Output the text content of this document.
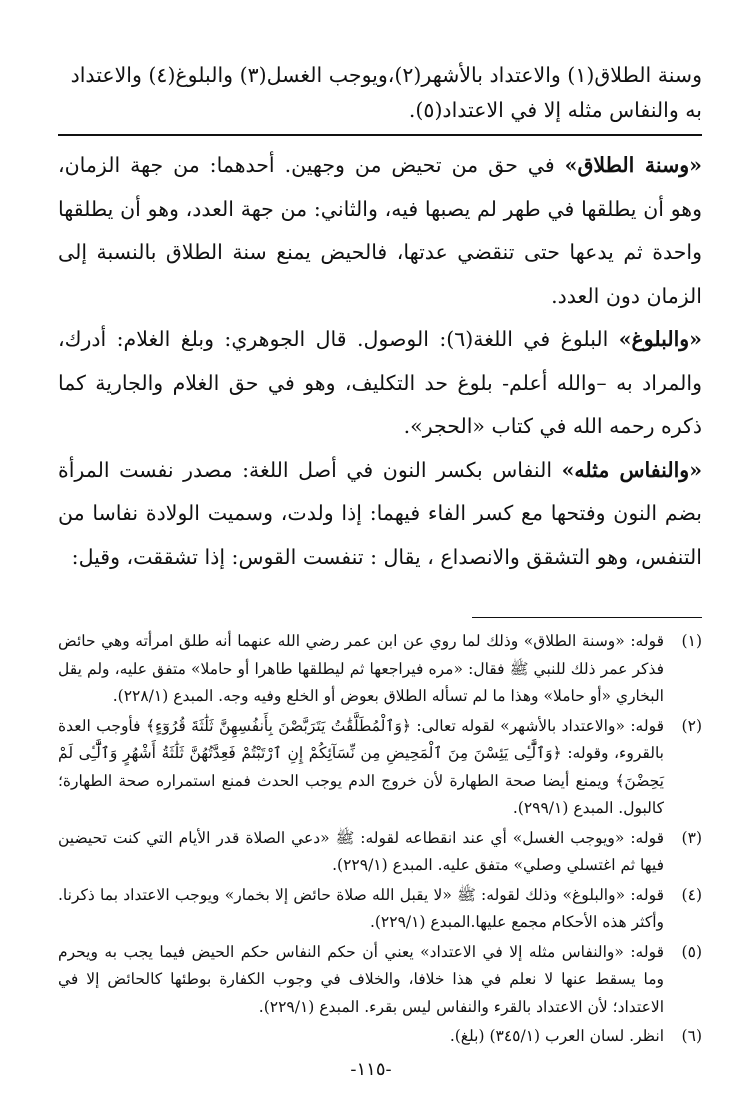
وسنة الطلاق(١) والاعتداد بالأشهر(٢)،ويوجب الغسل(٣) والبلوغ(٤) والاعتداد
به والنفاس مثله إلا في الاعتداد(٥).

«وسنة الطلاق» في حق من تحيض من وجهين. أحدهما: من جهة الزمان، وهو أن يطلقها في طهر لم يصبها فيه، والثاني: من جهة العدد، وهو أن يطلقها واحدة ثم يدعها حتى تنقضي عدتها، فالحيض يمنع سنة الطلاق بالنسبة إلى الزمان دون العدد.

«والبلوغ» البلوغ في اللغة(٦): الوصول. قال الجوهري: وبلغ الغلام: أدرك، والمراد به –والله أعلم- بلوغ حد التكليف، وهو في حق الغلام والجارية كما ذكره رحمه الله في كتاب «الحجر».

«والنفاس مثله» النفاس بكسر النون في أصل اللغة: مصدر نفست المرأة بضم النون وفتحها مع كسر الفاء فيهما: إذا ولدت، وسميت الولادة نفاسا من التنفس، وهو التشقق والانصداع ، يقال : تنفست القوس: إذا تشققت، وقيل:

(١)
قوله: «وسنة الطلاق» وذلك لما روي عن ابن عمر رضي الله عنهما أنه طلق امرأته وهي حائض فذكر عمر ذلك للنبي ﷺ فقال: «مره فيراجعها ثم ليطلقها طاهرا أو حاملا» متفق عليه، ولم يقل البخاري «أو حاملا» وهذا ما لم تسأله الطلاق بعوض أو الخلع وفيه وجه. المبدع (٢٢٨/١).
(٢)
قوله: «والاعتداد بالأشهر» لقوله تعالى: ﴿وَٱلْمُطَلَّقَٰتُ يَتَرَبَّصْنَ بِأَنفُسِهِنَّ ثَلَٰثَةَ قُرُوٓءٍ﴾ فأوجب العدة بالقروء، وقوله: ﴿وَٱلَّٰٓـِٔى يَئِسْنَ مِنَ ٱلْمَحِيضِ مِن نِّسَآئِكُمْ إِنِ ٱرْتَبْتُمْ فَعِدَّتُهُنَّ ثَلَٰثَةُ أَشْهُرٍ وَٱلَّٰٓـِٔى لَمْ يَحِضْنَ﴾ ويمنع أيضا صحة الطهارة لأن خروج الدم يوجب الحدث فمنع استمراره صحة الطهارة؛ كالبول. المبدع (٢٩٩/١).
(٣)
قوله: «ويوجب الغسل» أي عند انقطاعه لقوله: ﷺ «دعي الصلاة قدر الأيام التي كنت تحيضين فيها ثم اغتسلي وصلي» متفق عليه. المبدع (٢٢٩/١).
(٤)
قوله: «والبلوغ» وذلك لقوله: ﷺ «لا يقبل الله صلاة حائض إلا بخمار» ويوجب الاعتداد بما ذكرنا. وأكثر هذه الأحكام مجمع عليها.المبدع (٢٢٩/١).
(٥)
قوله: «والنفاس مثله إلا في الاعتداد» يعني أن حكم النفاس حكم الحيض فيما يجب به ويحرم وما يسقط عنها لا نعلم في هذا خلافا، والخلاف في وجوب الكفارة بوطئها كالحائض إلا في الاعتداد؛ لأن الاعتداد بالقرء والنفاس ليس بقرء. المبدع (٢٢٩/١).
(٦)
انظر. لسان العرب (٣٤٥/١) (بلغ).
-١١٥-
